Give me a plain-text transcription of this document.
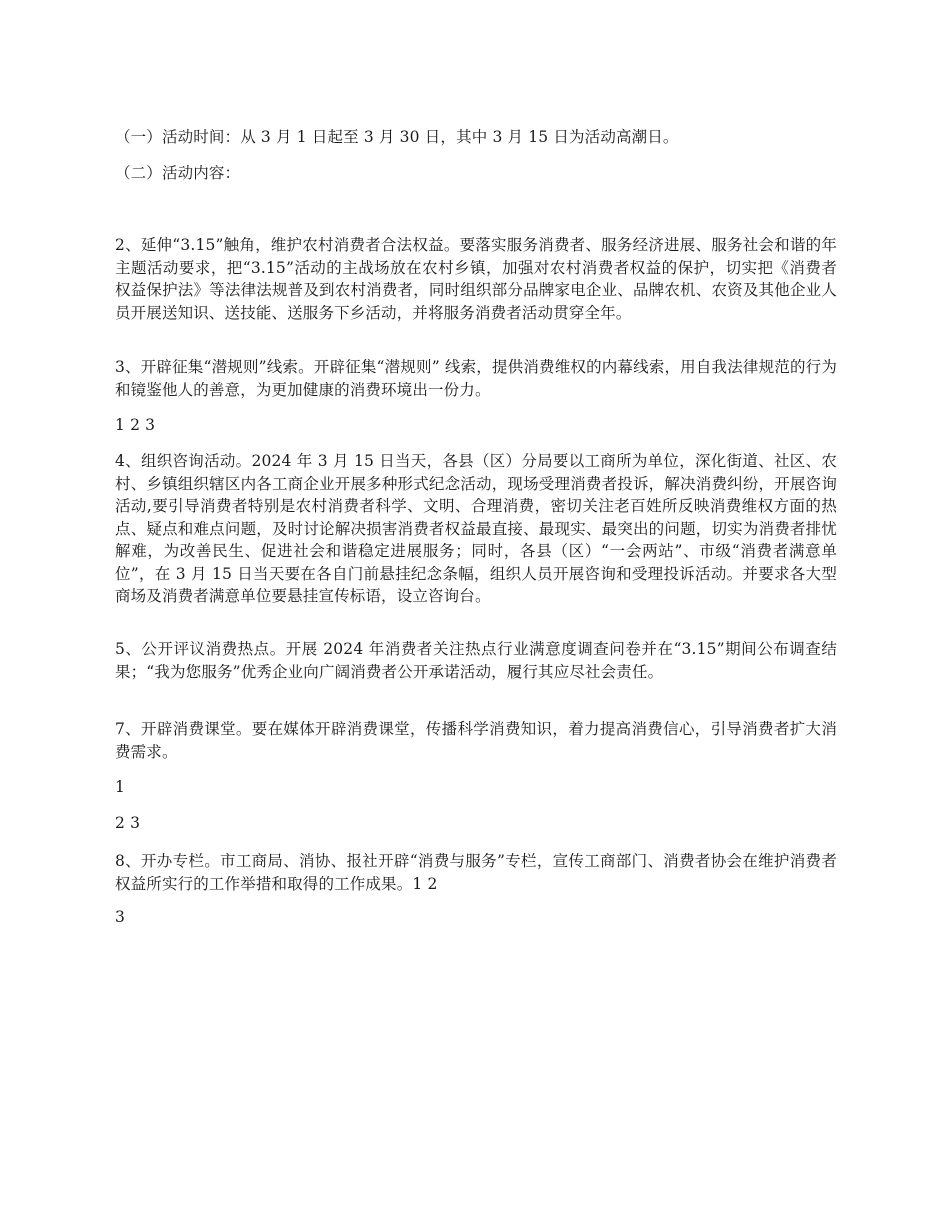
（一）活动时间：从 3 月 1 日起至 3 月 30 日，其中 3 月 15 日为活动高潮日。

（二）活动内容：

2、延伸“3.15”触角，维护农村消费者合法权益。要落实服务消费者、服务经济进展、服务社会和谐的年主题活动要求，把“3.15”活动的主战场放在农村乡镇，加强对农村消费者权益的保护，切实把《消费者权益保护法》等法律法规普及到农村消费者，同时组织部分品牌家电企业、品牌农机、农资及其他企业人员开展送知识、送技能、送服务下乡活动，并将服务消费者活动贯穿全年。

3、开辟征集“潜规则”线索。开辟征集“潜规则” 线索，提供消费维权的内幕线索，用自我法律规范的行为和镜鉴他人的善意，为更加健康的消费环境出一份力。

1 2 3

4、组织咨询活动。2024 年 3 月 15 日当天，各县（区）分局要以工商所为单位，深化街道、社区、农村、乡镇组织辖区内各工商企业开展多种形式纪念活动，现场受理消费者投诉，解决消费纠纷，开展咨询活动,要引导消费者特别是农村消费者科学、文明、合理消费，密切关注老百姓所反映消费维权方面的热点、疑点和难点问题，及时讨论解决损害消费者权益最直接、最现实、最突出的问题，切实为消费者排忧解难，为改善民生、促进社会和谐稳定进展服务；同时，各县（区）“一会两站”、市级“消费者满意单位”，在 3 月 15 日当天要在各自门前悬挂纪念条幅，组织人员开展咨询和受理投诉活动。并要求各大型商场及消费者满意单位要悬挂宣传标语，设立咨询台。

5、公开评议消费热点。开展 2024 年消费者关注热点行业满意度调查问卷并在“3.15”期间公布调查结果；“我为您服务”优秀企业向广阔消费者公开承诺活动，履行其应尽社会责任。

7、开辟消费课堂。要在媒体开辟消费课堂，传播科学消费知识，着力提高消费信心，引导消费者扩大消费需求。

1

2 3

8、开办专栏。市工商局、消协、报社开辟“消费与服务”专栏，宣传工商部门、消费者协会在维护消费者权益所实行的工作举措和取得的工作成果。1 2

3
